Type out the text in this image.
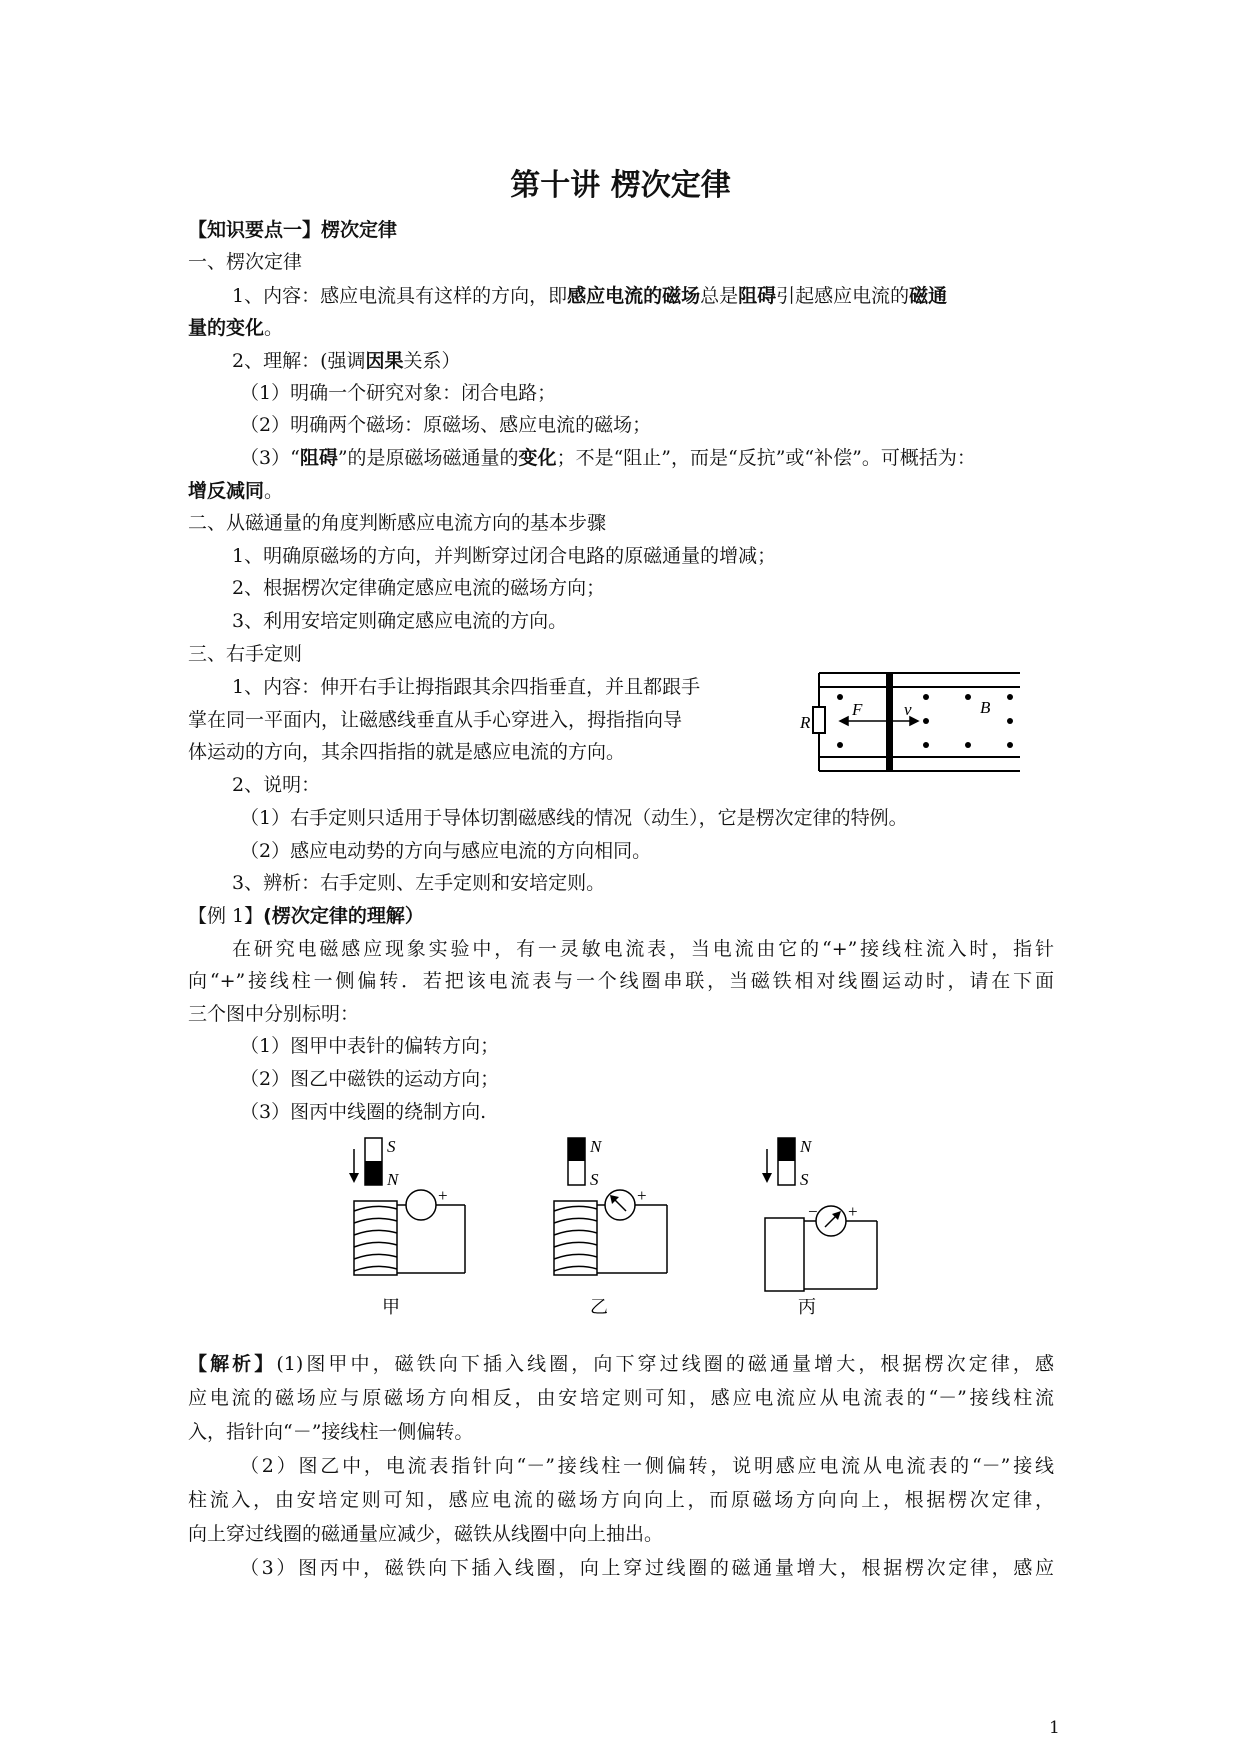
第十讲 楞次定律
【知识要点一】楞次定律
一、楞次定律
1、内容：感应电流具有这样的方向，即感应电流的磁场总是阻碍引起感应电流的磁通
量的变化。
2、理解：(强调因果关系）
（1）明确一个研究对象：闭合电路；
（2）明确两个磁场：原磁场、感应电流的磁场；
（3）“阻碍”的是原磁场磁通量的变化；不是“阻止”，而是“反抗”或“补偿”。可概括为：
增反减同。
二、从磁通量的角度判断感应电流方向的基本步骤
1、明确原磁场的方向，并判断穿过闭合电路的原磁通量的增减；
2、根据楞次定律确定感应电流的磁场方向；
3、利用安培定则确定感应电流的方向。
三、右手定则
1、内容：伸开右手让拇指跟其余四指垂直，并且都跟手
掌在同一平面内，让磁感线垂直从手心穿进入，拇指指向导
体运动的方向，其余四指指的就是感应电流的方向。
2、说明：
（1）右手定则只适用于导体切割磁感线的情况（动生），它是楞次定律的特例。
（2）感应电动势的方向与感应电流的方向相同。
3、辨析：右手定则、左手定则和安培定则。
R
F v	B
【例 1】(楞次定律的理解）
在研究电磁感应现象实验中，有一灵敏电流表，当电流由它的“+”接线柱流入时，指针
向“+”接线柱一侧偏转．若把该电流表与一个线圈串联，当磁铁相对线圈运动时，请在下面
三个图中分别标明：
（1）图甲中表针的偏转方向；
（2）图乙中磁铁的运动方向；
（3）图丙中线圈的绕制方向.
S
N
+
甲
N
S
+
乙
N
S
− +
丙
【解析】(1)图甲中，磁铁向下插入线圈，向下穿过线圈的磁通量增大，根据楞次定律，感
应电流的磁场应与原磁场方向相反，由安培定则可知，感应电流应从电流表的“－”接线柱流
入，指针向“－”接线柱一侧偏转。
（2）图乙中，电流表指针向“－”接线柱一侧偏转，说明感应电流从电流表的“－”接线
柱流入，由安培定则可知，感应电流的磁场方向向上，而原磁场方向向上，根据楞次定律，
向上穿过线圈的磁通量应减少，磁铁从线圈中向上抽出。
（3）图丙中，磁铁向下插入线圈，向上穿过线圈的磁通量增大，根据楞次定律，感应
1
